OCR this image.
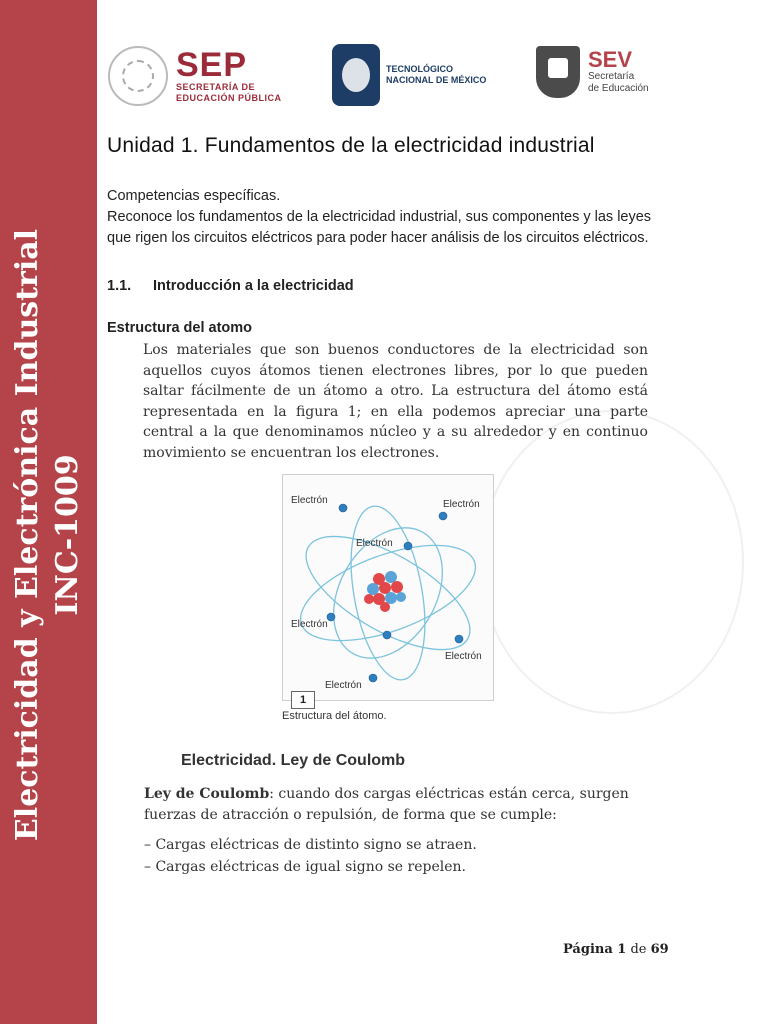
Electricidad y Electrónica Industrial INC-1009
SEP
SECRETARÍA DE
EDUCACIÓN PÚBLICA
TECNOLÓGICO
NACIONAL DE MÉXICO
SEV
Secretaría
de Educación
Unidad 1. Fundamentos de la electricidad industrial
Competencias específicas.
Reconoce los fundamentos de la electricidad industrial, sus componentes y las leyes que rigen los circuitos eléctricos para poder hacer análisis de los circuitos eléctricos.
1.1. Introducción a la electricidad
Estructura del atomo
Los materiales que son buenos conductores de la electricidad son aquellos cuyos átomos tienen electrones libres, por lo que pueden saltar fácilmente de un átomo a otro. La estructura del átomo está representada en la figura 1; en ella podemos apreciar una parte central a la que denominamos núcleo y a su alrededor y en continuo movimiento se encuentran los electrones.
Electrón	Electrón
Electrón
Electrón
Electrón
Electrón
1
Estructura del átomo.
Electricidad. Ley de Coulomb
Ley de Coulomb: cuando dos cargas eléctricas están cerca, surgen fuerzas de atracción o repulsión, de forma que se cumple:
– Cargas eléctricas de distinto signo se atraen.
– Cargas eléctricas de igual signo se repelen.
Página 1 de 69
